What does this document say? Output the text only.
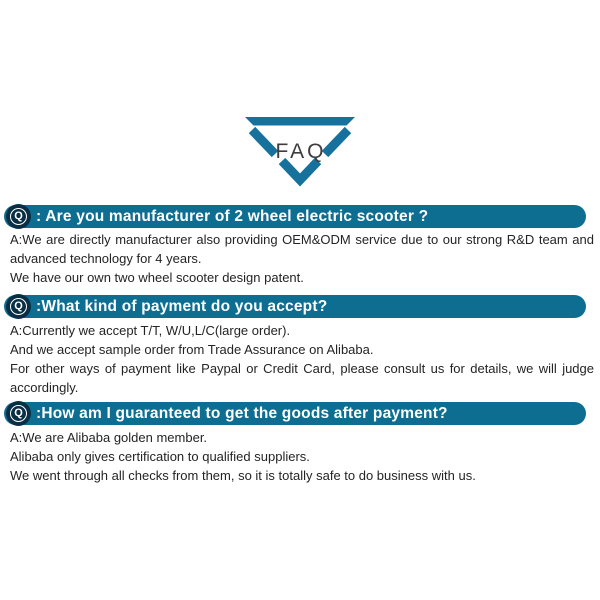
FAQ
Q : Are you manufacturer of 2 wheel electric scooter ?

A:We are directly manufacturer also providing OEM&ODM service due to our strong R&D team and advanced technology for 4 years.

We have our own two wheel scooter design patent.

Q :What kind of payment do you accept?

A:Currently we accept T/T, W/U,L/C(large order).

And we accept sample order from Trade Assurance on Alibaba.

For other ways of payment like Paypal or Credit Card, please consult us for details, we will judge accordingly.

Q :How am I guaranteed to get the goods after payment?

A:We are Alibaba golden member.

Alibaba only gives certification to qualified suppliers.

We went through all checks from them, so it is totally safe to do business with us.
